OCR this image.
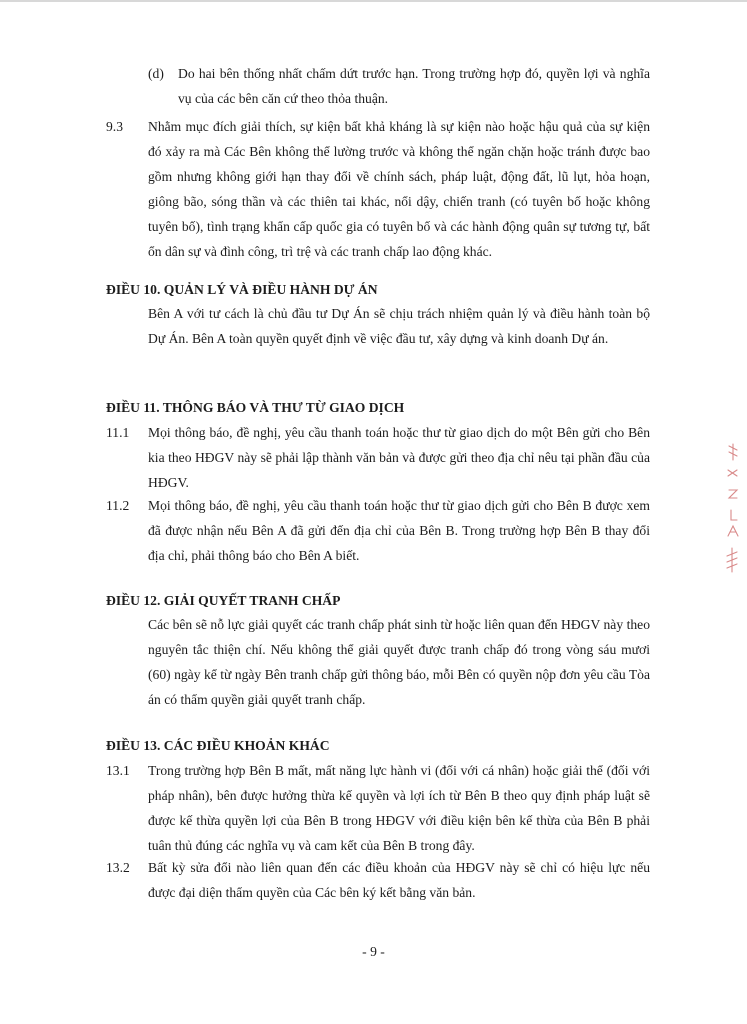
(d) Do hai bên thống nhất chấm dứt trước hạn. Trong trường hợp đó, quyền lợi và nghĩa vụ của các bên căn cứ theo thỏa thuận.
9.3 Nhằm mục đích giải thích, sự kiện bất khả kháng là sự kiện nào hoặc hậu quả của sự kiện đó xảy ra mà Các Bên không thể lường trước và không thể ngăn chặn hoặc tránh được bao gồm nhưng không giới hạn thay đổi về chính sách, pháp luật, động đất, lũ lụt, hỏa hoạn, giông bão, sóng thần và các thiên tai khác, nổi dậy, chiến tranh (có tuyên bố hoặc không tuyên bố), tình trạng khẩn cấp quốc gia có tuyên bố và các hành động quân sự tương tự, bất ổn dân sự và đình công, trì trệ và các tranh chấp lao động khác.
ĐIỀU 10. QUẢN LÝ VÀ ĐIỀU HÀNH DỰ ÁN
Bên A với tư cách là chủ đầu tư Dự Án sẽ chịu trách nhiệm quản lý và điều hành toàn bộ Dự Án. Bên A toàn quyền quyết định về việc đầu tư, xây dựng và kinh doanh Dự án.
ĐIỀU 11. THÔNG BÁO VÀ THƯ TỪ GIAO DỊCH
11.1 Mọi thông báo, đề nghị, yêu cầu thanh toán hoặc thư từ giao dịch do một Bên gửi cho Bên kia theo HĐGV này sẽ phải lập thành văn bản và được gửi theo địa chỉ nêu tại phần đầu của HĐGV.
11.2 Mọi thông báo, đề nghị, yêu cầu thanh toán hoặc thư từ giao dịch gửi cho Bên B được xem đã được nhận nếu Bên A đã gửi đến địa chỉ của Bên B. Trong trường hợp Bên B thay đổi địa chỉ, phải thông báo cho Bên A biết.
ĐIỀU 12. GIẢI QUYẾT TRANH CHẤP
Các bên sẽ nỗ lực giải quyết các tranh chấp phát sinh từ hoặc liên quan đến HĐGV này theo nguyên tắc thiện chí. Nếu không thể giải quyết được tranh chấp đó trong vòng sáu mươi (60) ngày kể từ ngày Bên tranh chấp gửi thông báo, mỗi Bên có quyền nộp đơn yêu cầu Tòa án có thẩm quyền giải quyết tranh chấp.
ĐIỀU 13. CÁC ĐIỀU KHOẢN KHÁC
13.1 Trong trường hợp Bên B mất, mất năng lực hành vi (đối với cá nhân) hoặc giải thể (đối với pháp nhân), bên được hưởng thừa kế quyền và lợi ích từ Bên B theo quy định pháp luật sẽ được kế thừa quyền lợi của Bên B trong HĐGV với điều kiện bên kế thừa của Bên B phải tuân thủ đúng các nghĩa vụ và cam kết của Bên B trong đây.
13.2 Bất kỳ sửa đổi nào liên quan đến các điều khoản của HĐGV này sẽ chỉ có hiệu lực nếu được đại diện thẩm quyền của Các bên ký kết bằng văn bản.
- 9 -
